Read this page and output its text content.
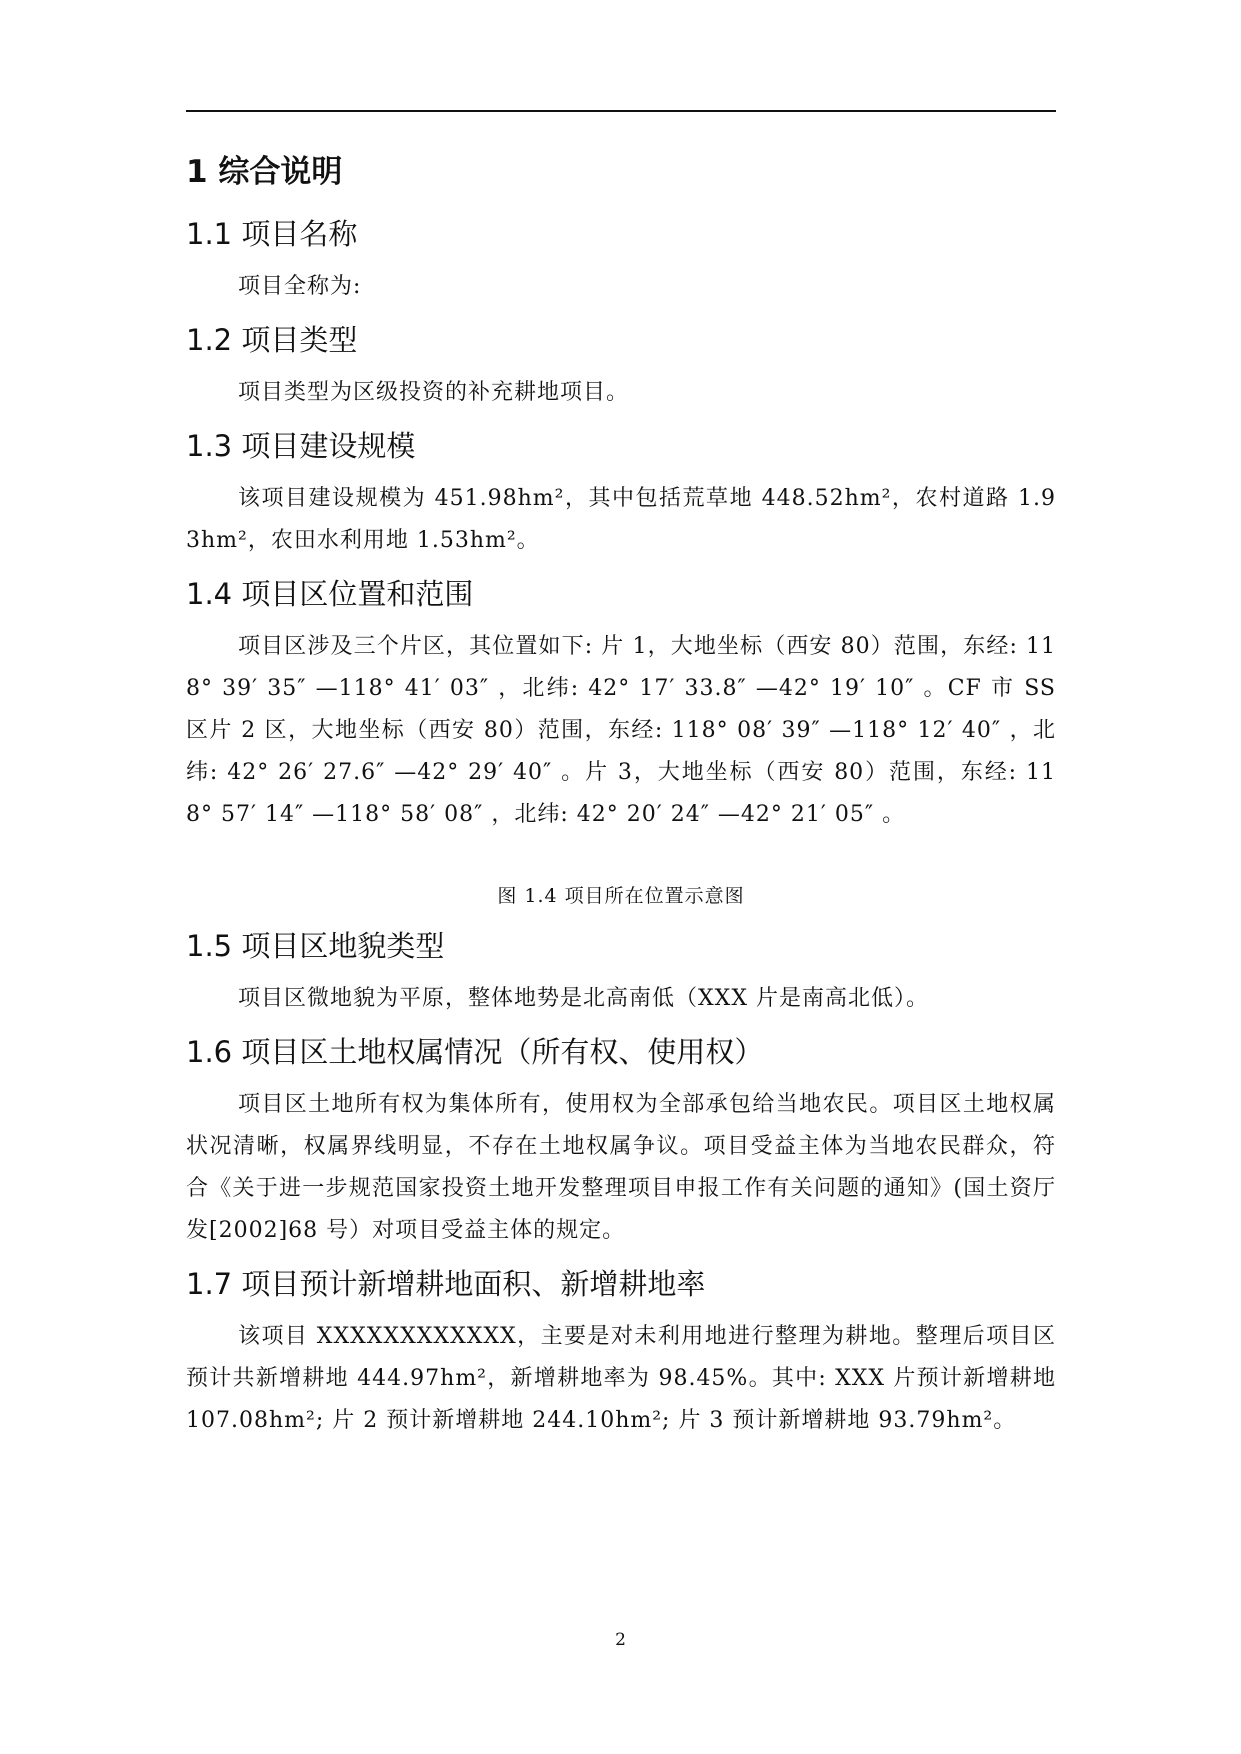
1 综合说明
1.1 项目名称

项目全称为:

1.2 项目类型

项目类型为区级投资的补充耕地项目。

1.3 项目建设规模

该项目建设规模为 451.98hm²，其中包括荒草地 448.52hm²，农村道路 1.93hm²，农田水利用地 1.53hm²。

1.4 项目区位置和范围

项目区涉及三个片区，其位置如下: 片 1，大地坐标（西安 80）范围，东经: 118° 39′ 35″ —118° 41′ 03″ ，北纬: 42° 17′ 33.8″ —42° 19′ 10″ 。CF 市 SS 区片 2 区，大地坐标（西安 80）范围，东经: 118° 08′ 39″ —118° 12′ 40″ ，北纬: 42° 26′ 27.6″ —42° 29′ 40″ 。片 3，大地坐标（西安 80）范围，东经: 118° 57′ 14″ —118° 58′ 08″ ，北纬: 42° 20′ 24″ —42° 21′ 05″ 。

图 1.4 项目所在位置示意图
1.5 项目区地貌类型

项目区微地貌为平原，整体地势是北高南低（XXX 片是南高北低）。

1.6 项目区土地权属情况（所有权、使用权）

项目区土地所有权为集体所有，使用权为全部承包给当地农民。项目区土地权属状况清晰，权属界线明显，不存在土地权属争议。项目受益主体为当地农民群众，符合《关于进一步规范国家投资土地开发整理项目申报工作有关问题的通知》(国土资厅发[2002]68 号）对项目受益主体的规定。

1.7 项目预计新增耕地面积、新增耕地率

该项目 XXXXXXXXXXXX，主要是对未利用地进行整理为耕地。整理后项目区预计共新增耕地 444.97hm²，新增耕地率为 98.45%。其中: XXX 片预计新增耕地 107.08hm²; 片 2 预计新增耕地 244.10hm²; 片 3 预计新增耕地 93.79hm²。

2
